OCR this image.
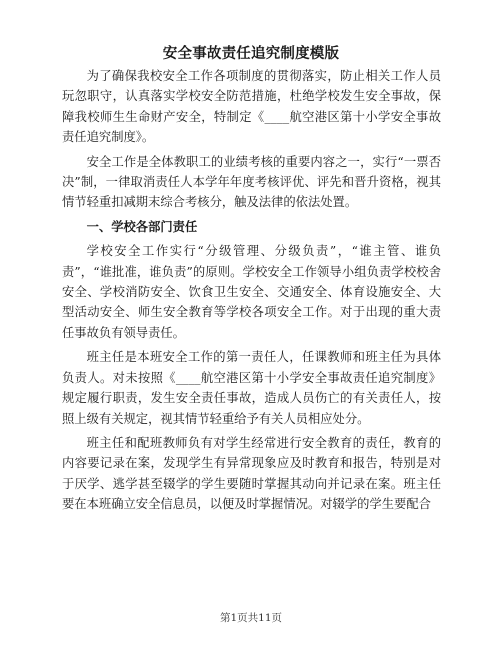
安全事故责任追究制度模版

为了确保我校安全工作各项制度的贯彻落实，防止相关工作人员玩忽职守，认真落实学校安全防范措施，杜绝学校发生安全事故，保障我校师生生命财产安全，特制定《____航空港区第十小学安全事故责任追究制度》。

安全工作是全体教职工的业绩考核的重要内容之一，实行“一票否决”制，一律取消责任人本学年年度考核评优、评先和晋升资格，视其情节轻重扣减期末综合考核分，触及法律的依法处置。

一、学校各部门责任

学校安全工作实行“分级管理、分级负责”，“谁主管、谁负责”，“谁批准，谁负责”的原则。学校安全工作领导小组负责学校校舍安全、学校消防安全、饮食卫生安全、交通安全、体育设施安全、大型活动安全、师生安全教育等学校各项安全工作。对于出现的重大责任事故负有领导责任。

班主任是本班安全工作的第一责任人，任课教师和班主任为具体负责人。对未按照《____航空港区第十小学安全事故责任追究制度》规定履行职责，发生安全责任事故，造成人员伤亡的有关责任人，按照上级有关规定，视其情节轻重给予有关人员相应处分。

班主任和配班教师负有对学生经常进行安全教育的责任，教育的内容要记录在案，发现学生有异常现象应及时教育和报告，特别是对于厌学、逃学甚至辍学的学生要随时掌握其动向并记录在案。班主任要在本班确立安全信息员，以便及时掌握情况。对辍学的学生要配合

第1页共11页
